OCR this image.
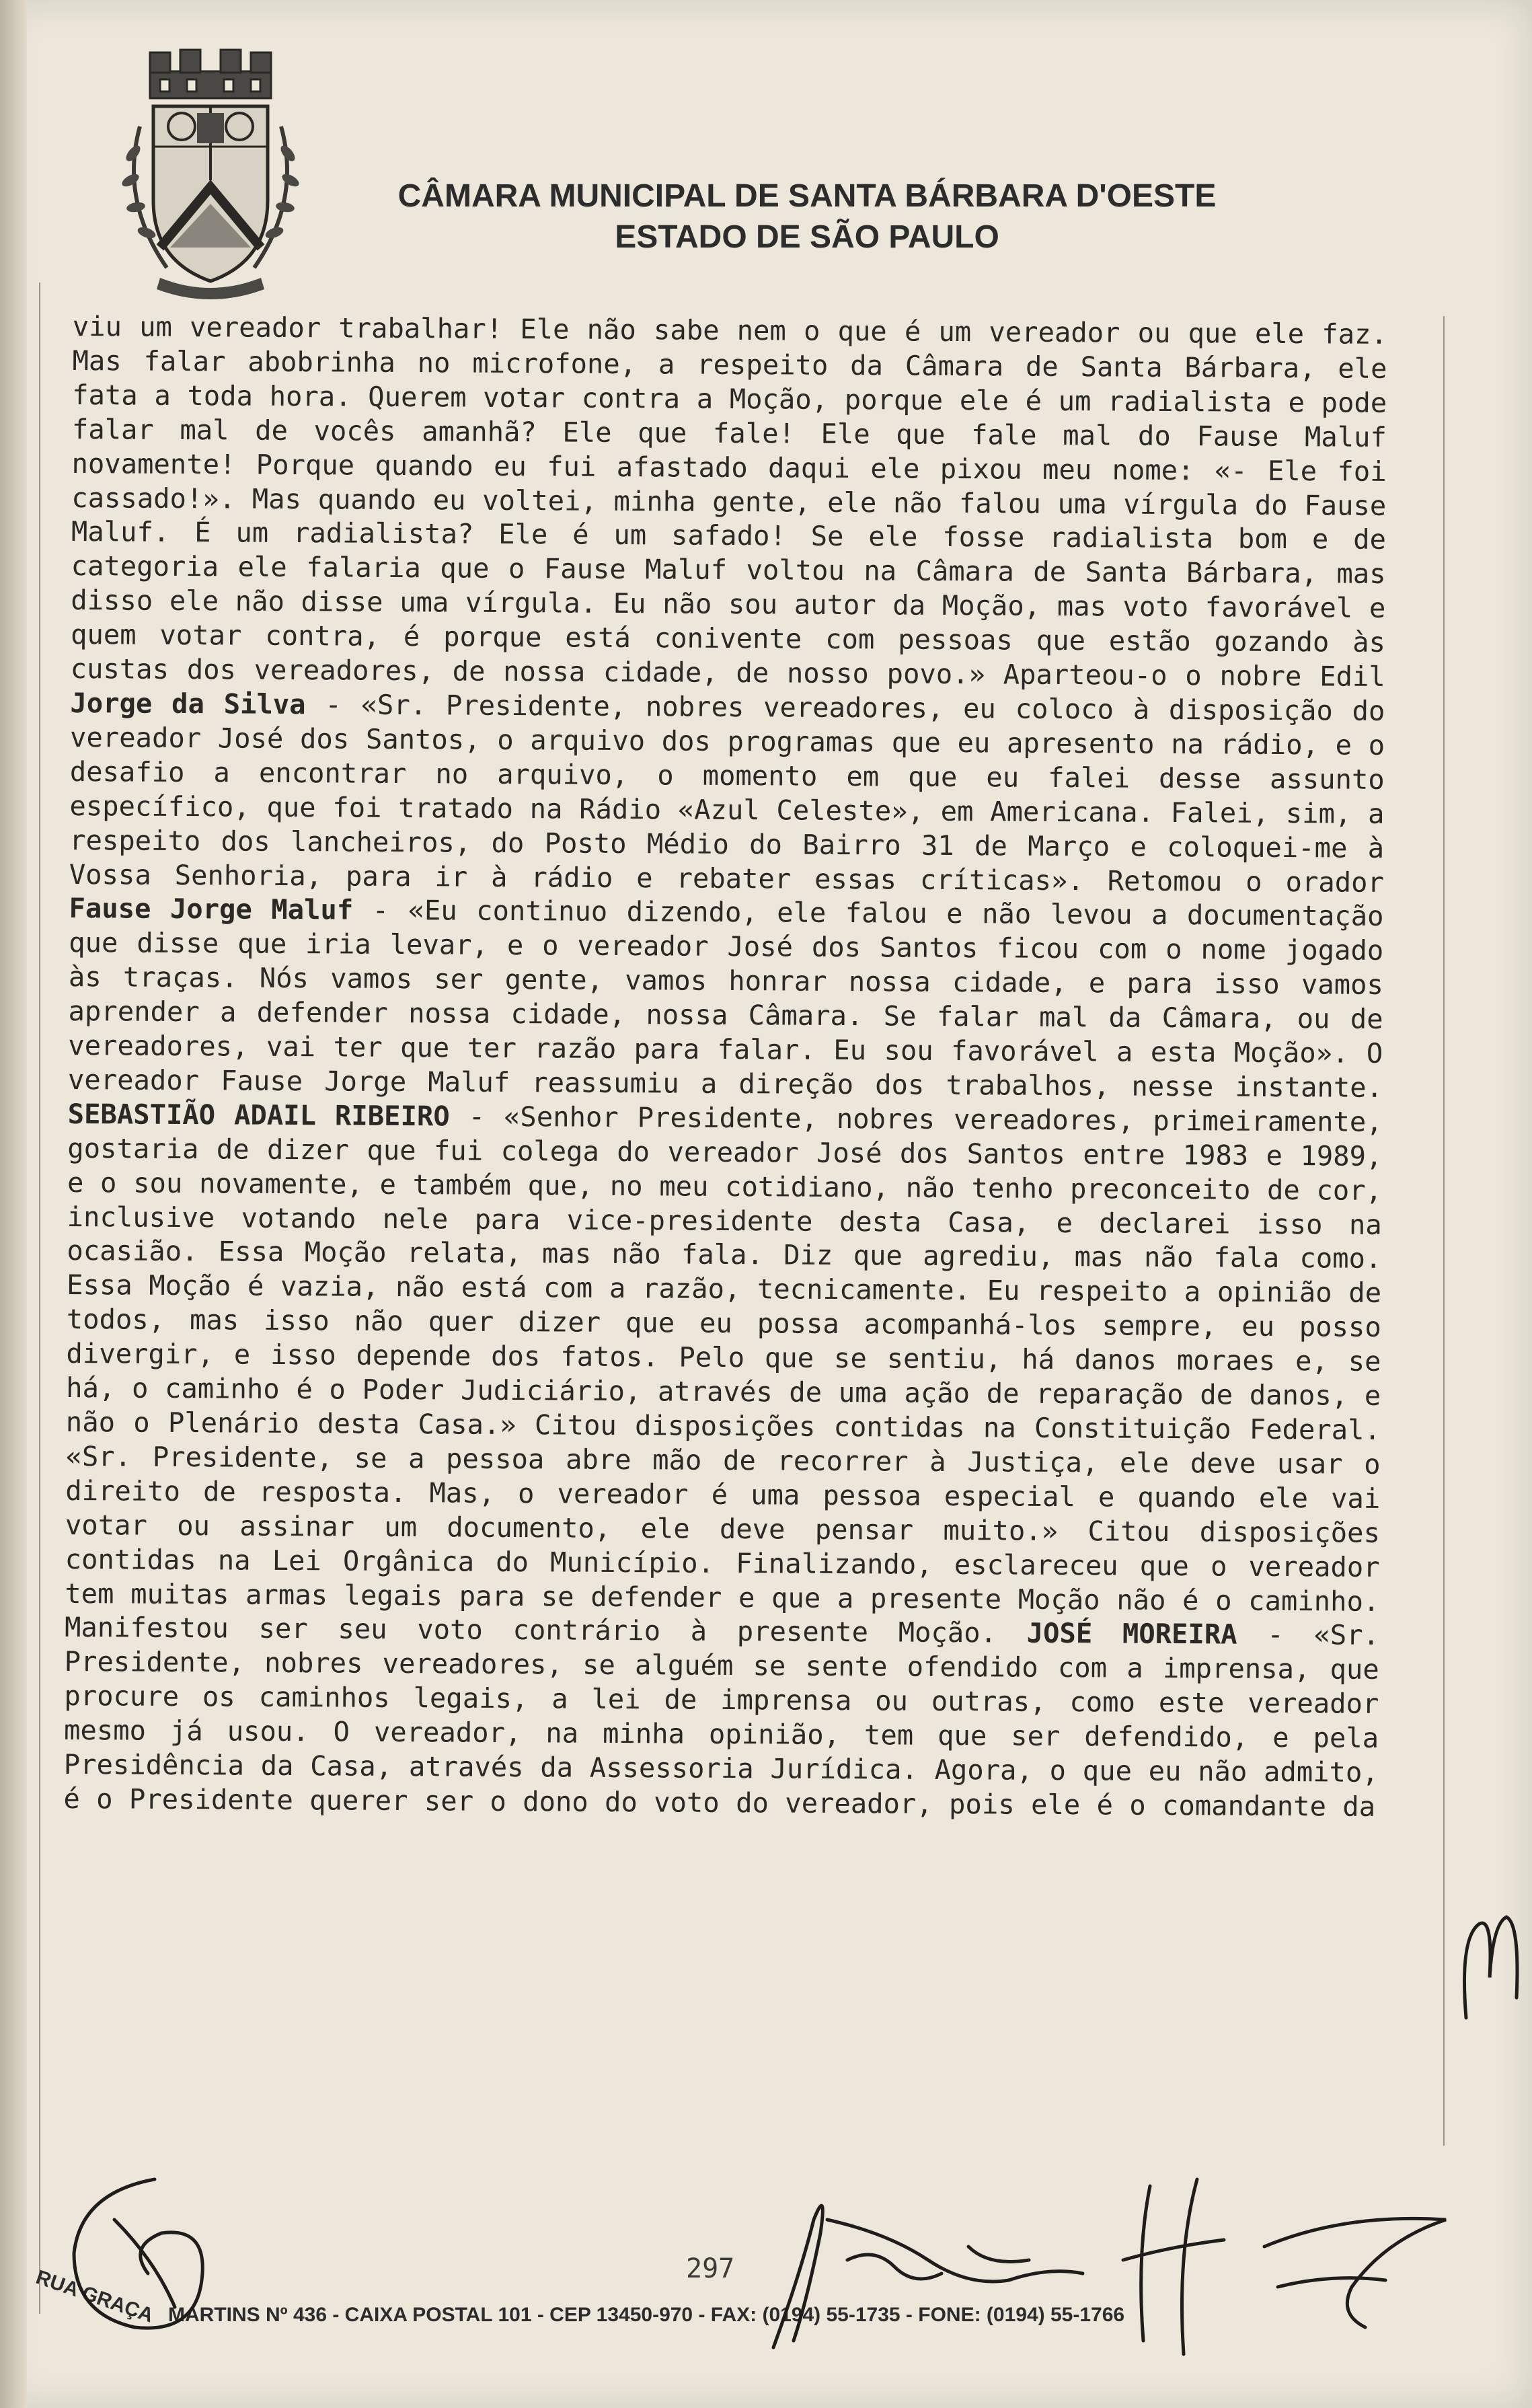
CÂMARA MUNICIPAL DE SANTA BÁRBARA D'OESTE
ESTADO DE SÃO PAULO

viu um vereador trabalhar! Ele não sabe nem o que é um vereador ou que ele faz. Mas falar abobrinha no microfone, a respeito da Câmara de Santa Bárbara, ele fata a toda hora. Querem votar contra a Moção, porque ele é um radialista e pode falar mal de vocês amanhã? Ele que fale! Ele que fale mal do Fause Maluf novamente! Porque quando eu fui afastado daqui ele pixou meu nome: «- Ele foi cassado!». Mas quando eu voltei, minha gente, ele não falou uma vírgula do Fause Maluf. É um radialista? Ele é um safado! Se ele fosse radialista bom e de categoria ele falaria que o Fause Maluf voltou na Câmara de Santa Bárbara, mas disso ele não disse uma vírgula. Eu não sou autor da Moção, mas voto favorável e quem votar contra, é porque está conivente com pessoas que estão gozando às custas dos vereadores, de nossa cidade, de nosso povo.» Aparteou-o o nobre Edil Jorge da Silva - «Sr. Presidente, nobres vereadores, eu coloco à disposição do vereador José dos Santos, o arquivo dos programas que eu apresento na rádio, e o desafio a encontrar no arquivo, o momento em que eu falei desse assunto específico, que foi tratado na Rádio «Azul Celeste», em Americana. Falei, sim, a respeito dos lancheiros, do Posto Médio do Bairro 31 de Março e coloquei-me à Vossa Senhoria, para ir à rádio e rebater essas críticas». Retomou o orador Fause Jorge Maluf - «Eu continuo dizendo, ele falou e não levou a documentação que disse que iria levar, e o vereador José dos Santos ficou com o nome jogado às traças. Nós vamos ser gente, vamos honrar nossa cidade, e para isso vamos aprender a defender nossa cidade, nossa Câmara. Se falar mal da Câmara, ou de vereadores, vai ter que ter razão para falar. Eu sou favorável a esta Moção». O vereador Fause Jorge Maluf reassumiu a direção dos trabalhos, nesse instante. SEBASTIÃO ADAIL RIBEIRO - «Senhor Presidente, nobres vereadores, primeiramente, gostaria de dizer que fui colega do vereador José dos Santos entre 1983 e 1989, e o sou novamente, e também que, no meu cotidiano, não tenho preconceito de cor, inclusive votando nele para vice-presidente desta Casa, e declarei isso na ocasião. Essa Moção relata, mas não fala. Diz que agrediu, mas não fala como. Essa Moção é vazia, não está com a razão, tecnicamente. Eu respeito a opinião de todos, mas isso não quer dizer que eu possa acompanhá-los sempre, eu posso divergir, e isso depende dos fatos. Pelo que se sentiu, há danos moraes e, se há, o caminho é o Poder Judiciário, através de uma ação de reparação de danos, e não o Plenário desta Casa.» Citou disposições contidas na Constituição Federal. «Sr. Presidente, se a pessoa abre mão de recorrer à Justiça, ele deve usar o direito de resposta. Mas, o vereador é uma pessoa especial e quando ele vai votar ou assinar um documento, ele deve pensar muito.» Citou disposições contidas na Lei Orgânica do Município. Finalizando, esclareceu que o vereador tem muitas armas legais para se defender e que a presente Moção não é o caminho. Manifestou ser seu voto contrário à presente Moção. JOSÉ MOREIRA - «Sr. Presidente, nobres vereadores, se alguém se sente ofendido com a imprensa, que procure os caminhos legais, a lei de imprensa ou outras, como este vereador mesmo já usou. O vereador, na minha opinião, tem que ser defendido, e pela Presidência da Casa, através da Assessoria Jurídica. Agora, o que eu não admito, é o Presidente querer ser o dono do voto do vereador, pois ele é o comandante da

297
RUA GRAÇA MARTINS Nº 436 - CAIXA POSTAL 101 - CEP 13450-970 - FAX: (0194) 55-1735 - FONE: (0194) 55-1766
